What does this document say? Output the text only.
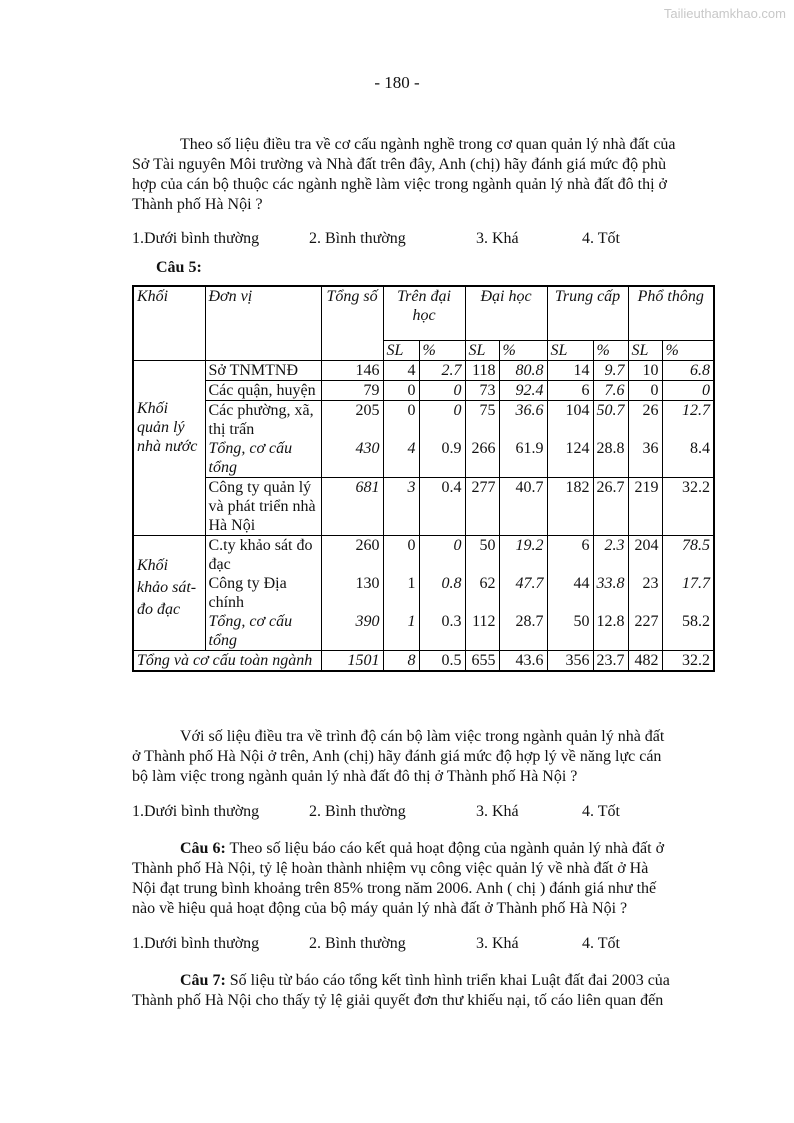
Tailieuthamkhao.com
- 180 -
Theo số liệu điều tra về cơ cấu ngành nghề trong cơ quan quản lý nhà đất của
Sở Tài nguyên Môi trường và Nhà đất trên đây, Anh (chị) hãy đánh giá mức độ phù
hợp của cán bộ thuộc các ngành nghề làm việc trong ngành quản lý nhà đất đô thị ở
Thành phố Hà Nội ?
1.Dưới bình thường	2. Bình thường	3. Khá	4. Tốt
Câu 5:
Khối	Đơn vị	Tổng số	Trên đại học		Đại học		Trung cấp		Phổ thông	
			SL	%	SL	%	SL	%	SL	%
Khối quản lý nhà nước	Sở TNMTNĐ	146	4	2.7	118	80.8	14	9.7	10	6.8
	Các quận, huyện	79	0	0	73	92.4	6	7.6	0	0
	Các phường, xã, thị trấn	205	0	0	75	36.6	104	50.7	26	12.7
	Tổng, cơ cấu tổng	430	4	0.9	266	61.9	124	28.8	36	8.4
	Công ty quản lý và phát triển nhà Hà Nội	681	3	0.4	277	40.7	182	26.7	219	32.2
Khối khảo sát- đo đạc	C.ty khảo sát đo đạc	260	0	0	50	19.2	6	2.3	204	78.5
	Công ty Địa chính	130	1	0.8	62	47.7	44	33.8	23	17.7
	Tổng, cơ cấu tổng	390	1	0.3	112	28.7	50	12.8	227	58.2
Tổng và cơ cấu toàn ngành		1501	8	0.5	655	43.6	356	23.7	482	32.2
Với số liệu điều tra về trình độ cán bộ làm việc trong ngành quản lý nhà đất
ở Thành phố Hà Nội ở trên, Anh (chị) hãy đánh giá mức độ hợp lý về năng lực cán
bộ làm việc trong ngành quản lý nhà đất đô thị ở Thành phố Hà Nội ?
1.Dưới bình thường	2. Bình thường	3. Khá	4. Tốt
Câu 6: Theo số liệu báo cáo kết quả hoạt động của ngành quản lý nhà đất ở
Thành phố Hà Nội, tỷ lệ hoàn thành nhiệm vụ công việc quản lý về nhà đất ở Hà
Nội đạt trung bình khoảng trên 85% trong năm 2006. Anh ( chị ) đánh giá như thế
nào về hiệu quả hoạt động của bộ máy quản lý nhà đất ở Thành phố Hà Nội ?
1.Dưới bình thường	2. Bình thường	3. Khá	4. Tốt
Câu 7: Số liệu từ báo cáo tổng kết tình hình triển khai Luật đất đai 2003 của
Thành phố Hà Nội cho thấy tỷ lệ giải quyết đơn thư khiếu nại, tố cáo liên quan đến
